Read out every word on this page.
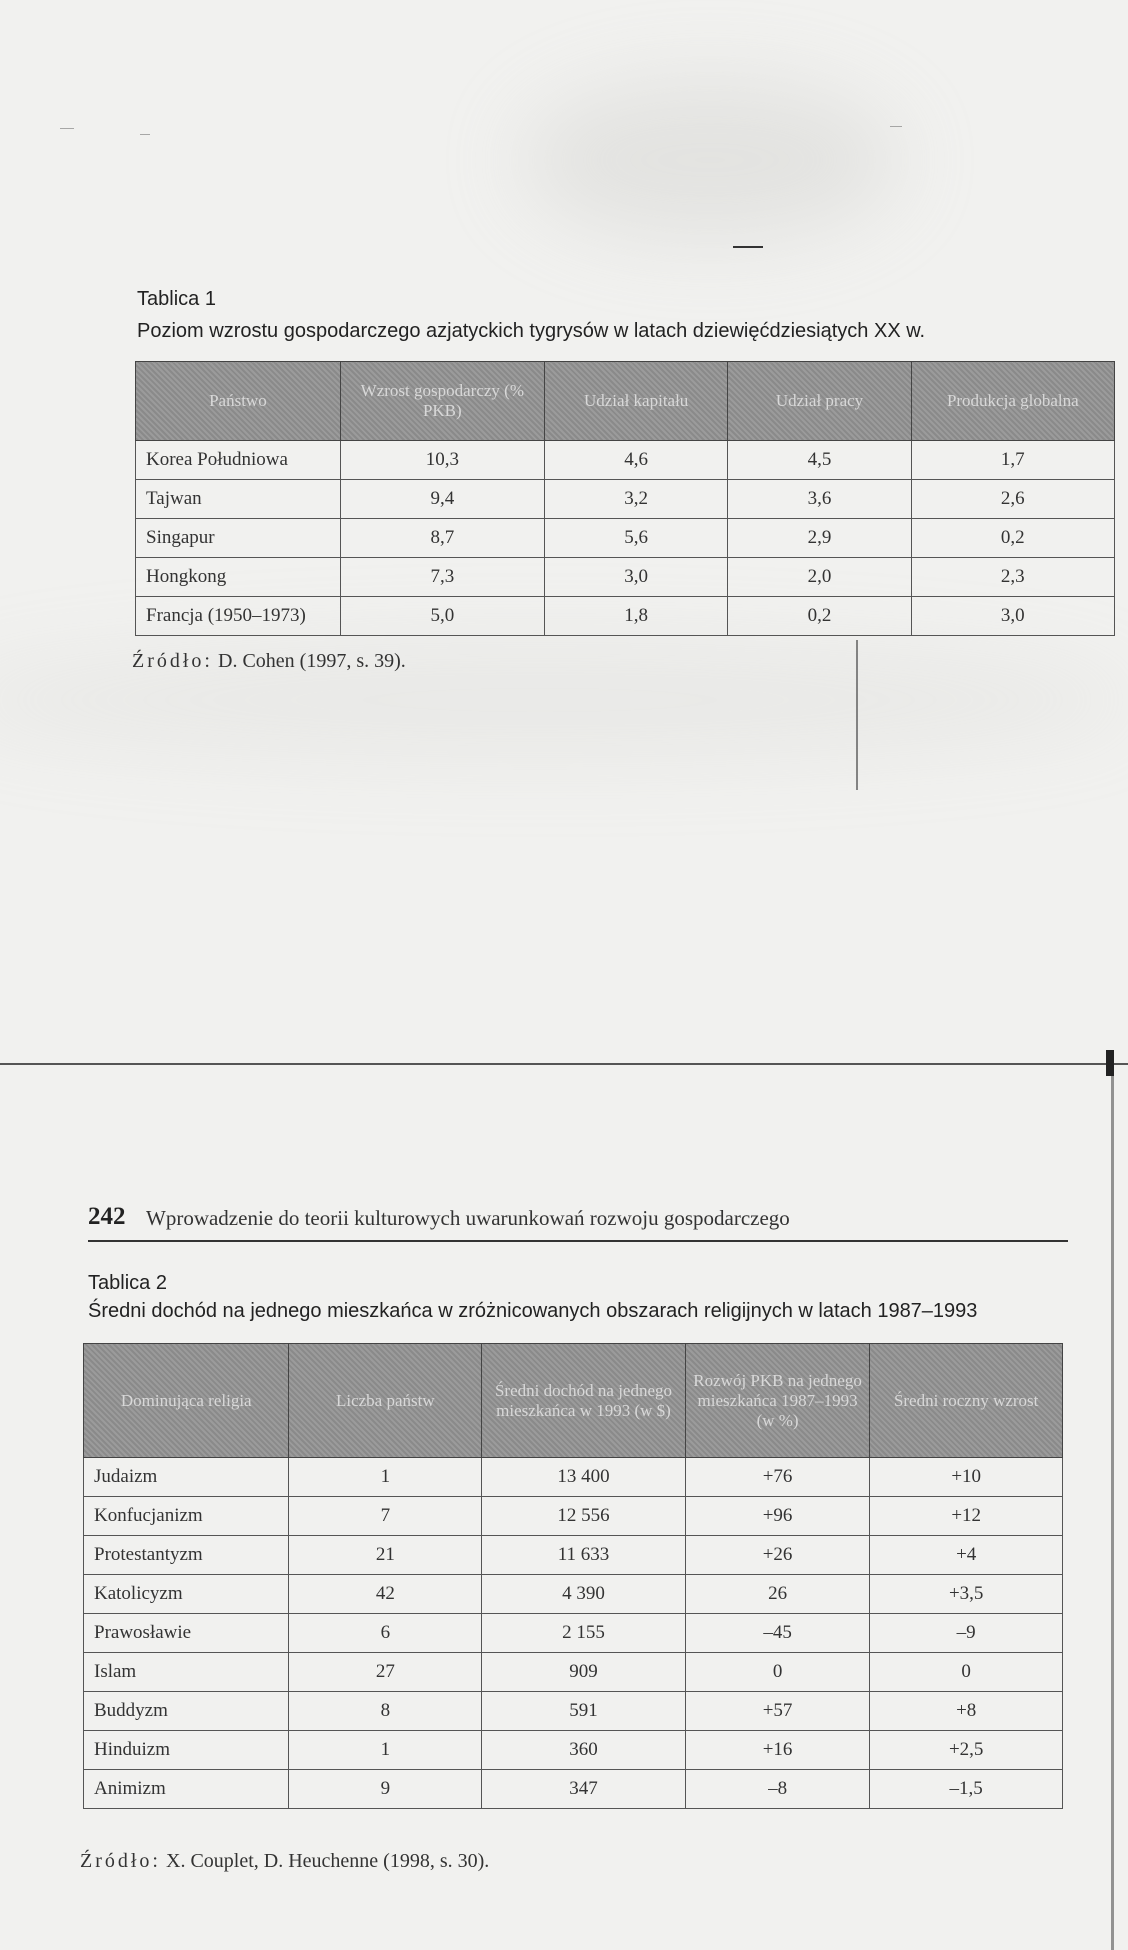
Tablica 1
Poziom wzrostu gospodarczego azjatyckich tygrysów w latach dziewięćdziesiątych XX w.
Państwo	Wzrost gospodarczy (% PKB)	Udział kapitału	Udział pracy	Produkcja globalna
Korea Południowa	10,3	4,6	4,5	1,7
Tajwan	9,4	3,2	3,6	2,6
Singapur	8,7	5,6	2,9	0,2
Hongkong	7,3	3,0	2,0	2,3
Francja (1950–1973)	5,0	1,8	0,2	3,0
Źródło: D. Cohen (1997, s. 39).
242 Wprowadzenie do teorii kulturowych uwarunkowań rozwoju gospodarczego
Tablica 2
Średni dochód na jednego mieszkańca w zróżnicowanych obszarach religijnych w latach 1987–1993
Dominująca religia	Liczba państw	Średni dochód na jednego mieszkańca w 1993 (w $)	Rozwój PKB na jednego mieszkańca 1987–1993 (w %)	Średni roczny wzrost
Judaizm	1	13 400	+76	+10
Konfucjanizm	7	12 556	+96	+12
Protestantyzm	21	11 633	+26	+4
Katolicyzm	42	4 390	26	+3,5
Prawosławie	6	2 155	–45	–9
Islam	27	909	0	0
Buddyzm	8	591	+57	+8
Hinduizm	1	360	+16	+2,5
Animizm	9	347	–8	–1,5
Źródło: X. Couplet, D. Heuchenne (1998, s. 30).
